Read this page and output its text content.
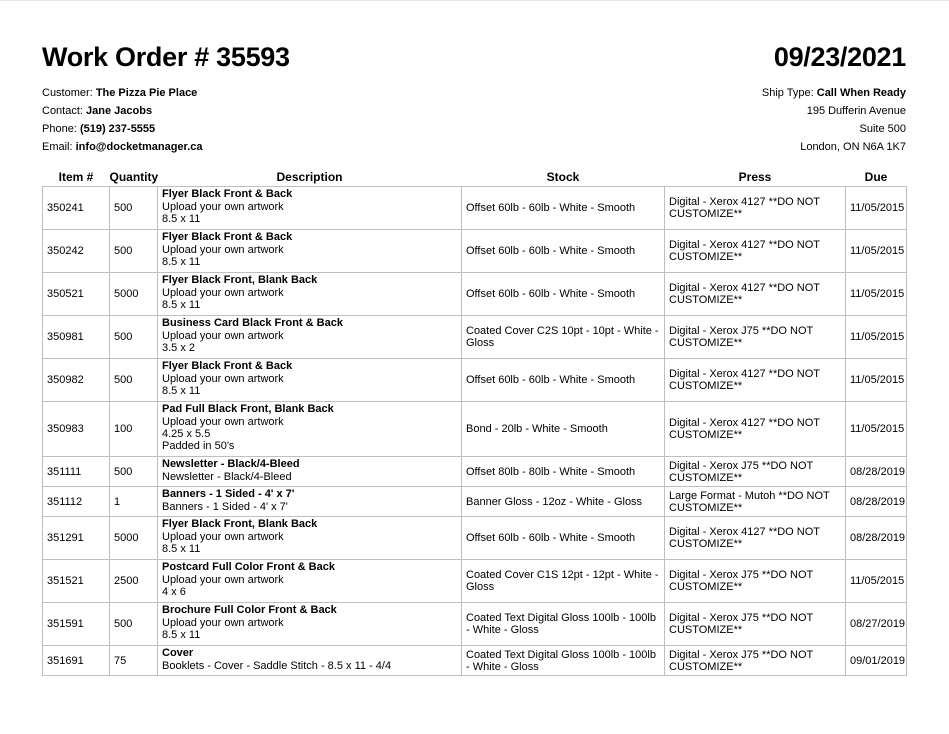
Work Order # 35593	09/23/2021
Customer: The Pizza Pie Place
Contact: Jane Jacobs
Phone: (519) 237-5555
Email: info@docketmanager.ca
Ship Type: Call When Ready
195 Dufferin Avenue
Suite 500
London, ON N6A 1K7
Item #	Quantity	Description	Stock	Press	Due
350241	500	Flyer Black Front & Back
Upload your own artwork
8.5 x 11	Offset 60lb - 60lb - White - Smooth	Digital - Xerox 4127 **DO NOT CUSTOMIZE**	11/05/2015
350242	500	Flyer Black Front & Back
Upload your own artwork
8.5 x 11	Offset 60lb - 60lb - White - Smooth	Digital - Xerox 4127 **DO NOT CUSTOMIZE**	11/05/2015
350521	5000	Flyer Black Front, Blank Back
Upload your own artwork
8.5 x 11	Offset 60lb - 60lb - White - Smooth	Digital - Xerox 4127 **DO NOT CUSTOMIZE**	11/05/2015
350981	500	Business Card Black Front & Back
Upload your own artwork
3.5 x 2	Coated Cover C2S 10pt - 10pt - White - Gloss	Digital - Xerox J75 **DO NOT CUSTOMIZE**	11/05/2015
350982	500	Flyer Black Front & Back
Upload your own artwork
8.5 x 11	Offset 60lb - 60lb - White - Smooth	Digital - Xerox 4127 **DO NOT CUSTOMIZE**	11/05/2015
350983	100	Pad Full Black Front, Blank Back
Upload your own artwork
4.25 x 5.5
Padded in 50's	Bond - 20lb - White - Smooth	Digital - Xerox 4127 **DO NOT CUSTOMIZE**	11/05/2015
351111	500	Newsletter - Black/4-Bleed
Newsletter - Black/4-Bleed	Offset 80lb - 80lb - White - Smooth	Digital - Xerox J75 **DO NOT CUSTOMIZE**	08/28/2019
351112	1	Banners - 1 Sided - 4' x 7'
Banners - 1 Sided - 4' x 7'	Banner Gloss - 12oz - White - Gloss	Large Format - Mutoh **DO NOT CUSTOMIZE**	08/28/2019
351291	5000	Flyer Black Front, Blank Back
Upload your own artwork
8.5 x 11	Offset 60lb - 60lb - White - Smooth	Digital - Xerox 4127 **DO NOT CUSTOMIZE**	08/28/2019
351521	2500	Postcard Full Color Front & Back
Upload your own artwork
4 x 6	Coated Cover C1S 12pt - 12pt - White - Gloss	Digital - Xerox J75 **DO NOT CUSTOMIZE**	11/05/2015
351591	500	Brochure Full Color Front & Back
Upload your own artwork
8.5 x 11	Coated Text Digital Gloss 100lb - 100lb - White - Gloss	Digital - Xerox J75 **DO NOT CUSTOMIZE**	08/27/2019
351691	75	Cover
Booklets - Cover - Saddle Stitch - 8.5 x 11 - 4/4	Coated Text Digital Gloss 100lb - 100lb - White - Gloss	Digital - Xerox J75 **DO NOT CUSTOMIZE**	09/01/2019
